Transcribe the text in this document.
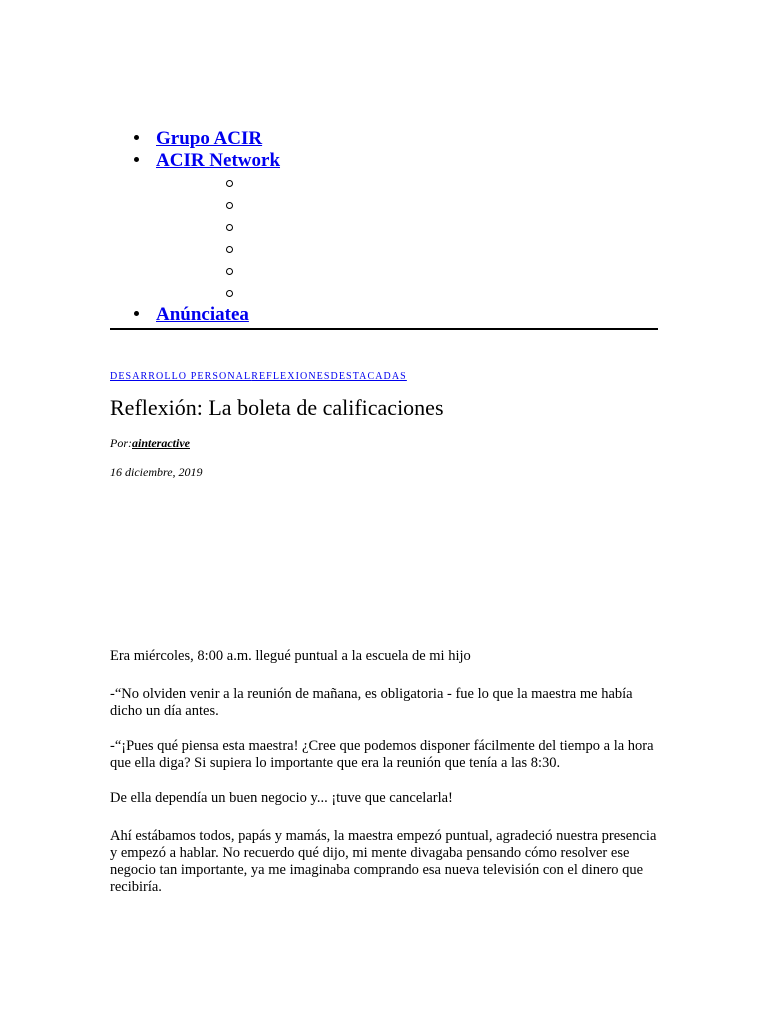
Grupo ACIR
ACIR Network
Anúnciatea
DESARROLLO PERSONALREFLEXIONESDESTACADAS
Reflexión: La boleta de calificaciones
Por:ainteractive
16 diciembre, 2019

Era miércoles, 8:00 a.m. llegué puntual a la escuela de mi hijo

-“No olviden venir a la reunión de mañana, es obligatoria - fue lo que la maestra me había dicho un día antes.

-“¡Pues qué piensa esta maestra! ¿Cree que podemos disponer fácilmente del tiempo a la hora que ella diga? Si supiera lo importante que era la reunión que tenía a las 8:30.

De ella dependía un buen negocio y... ¡tuve que cancelarla!

Ahí estábamos todos, papás y mamás, la maestra empezó puntual, agradeció nuestra presencia y empezó a hablar. No recuerdo qué dijo, mi mente divagaba pensando cómo resolver ese negocio tan importante, ya me imaginaba comprando esa nueva televisión con el dinero que recibiría.
